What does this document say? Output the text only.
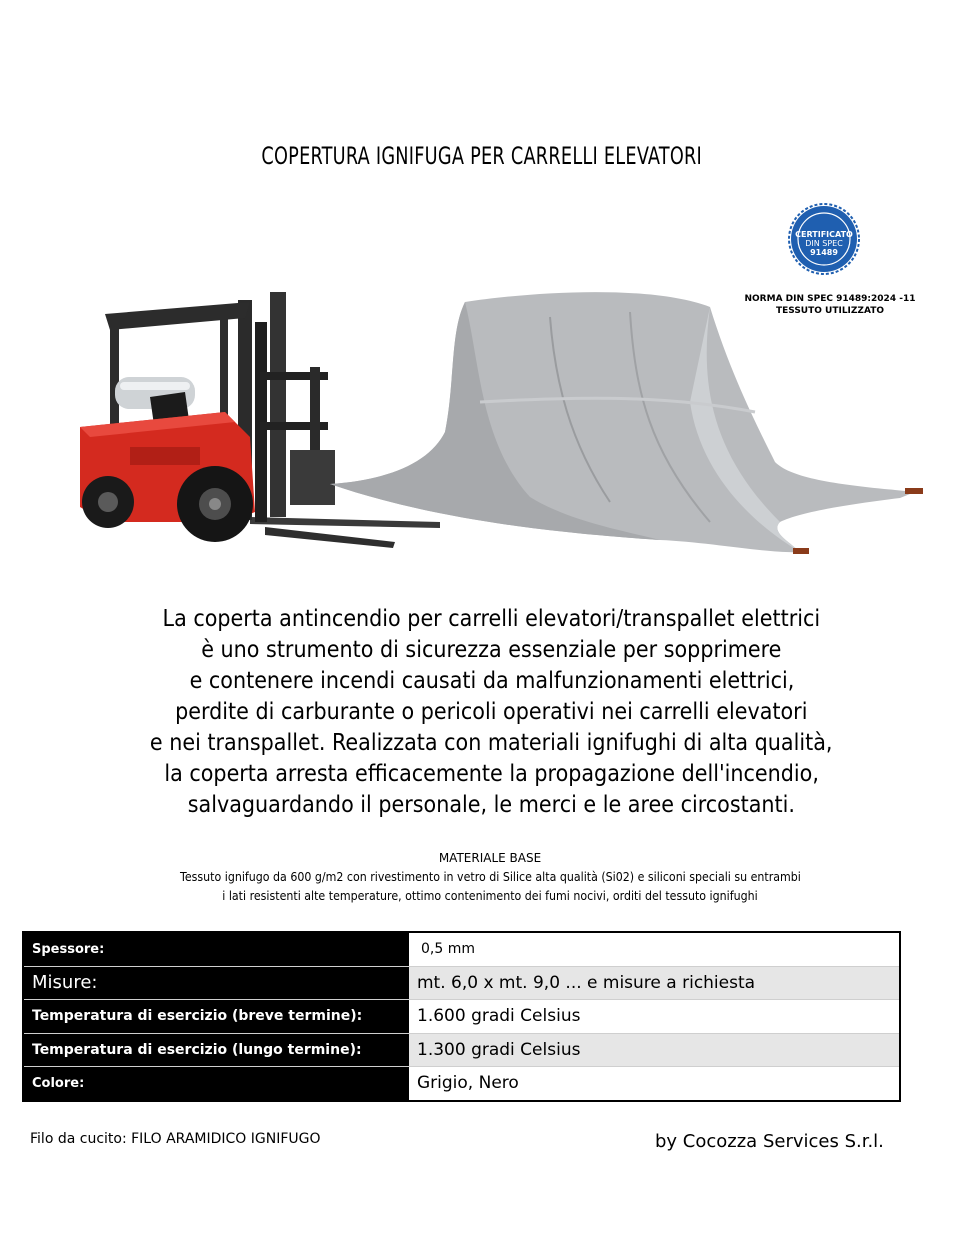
COPERTURA IGNIFUGA PER CARRELLI ELEVATORI
CERTIFICATO
DIN SPEC
91489
NORMA DIN SPEC 91489:2024 -11
TESSUTO UTILIZZATO
La coperta antincendio per carrelli elevatori/transpallet elettrici
è uno strumento di sicurezza essenziale per sopprimere
e contenere incendi causati da malfunzionamenti elettrici,
perdite di carburante o pericoli operativi nei carrelli elevatori
e nei transpallet. Realizzata con materiali ignifughi di alta qualità,
la coperta arresta efficacemente la propagazione dell'incendio,
salvaguardando il personale, le merci e le aree circostanti.
MATERIALE BASE
Tessuto ignifugo da 600 g/m2 con rivestimento in vetro di Silice alta qualità (Si02) e siliconi speciali su entrambi
i lati resistenti alte temperature, ottimo contenimento dei fumi nocivi, orditi del tessuto ignifughi
Spessore:	0,5 mm
Misure:	mt. 6,0 x mt. 9,0 ... e misure a richiesta
Temperatura di esercizio (breve termine):	1.600 gradi Celsius
Temperatura di esercizio (lungo termine):	1.300 gradi Celsius
Colore:	Grigio, Nero
Filo da cucito: FILO ARAMIDICO IGNIFUGO	by Cocozza Services S.r.l.
